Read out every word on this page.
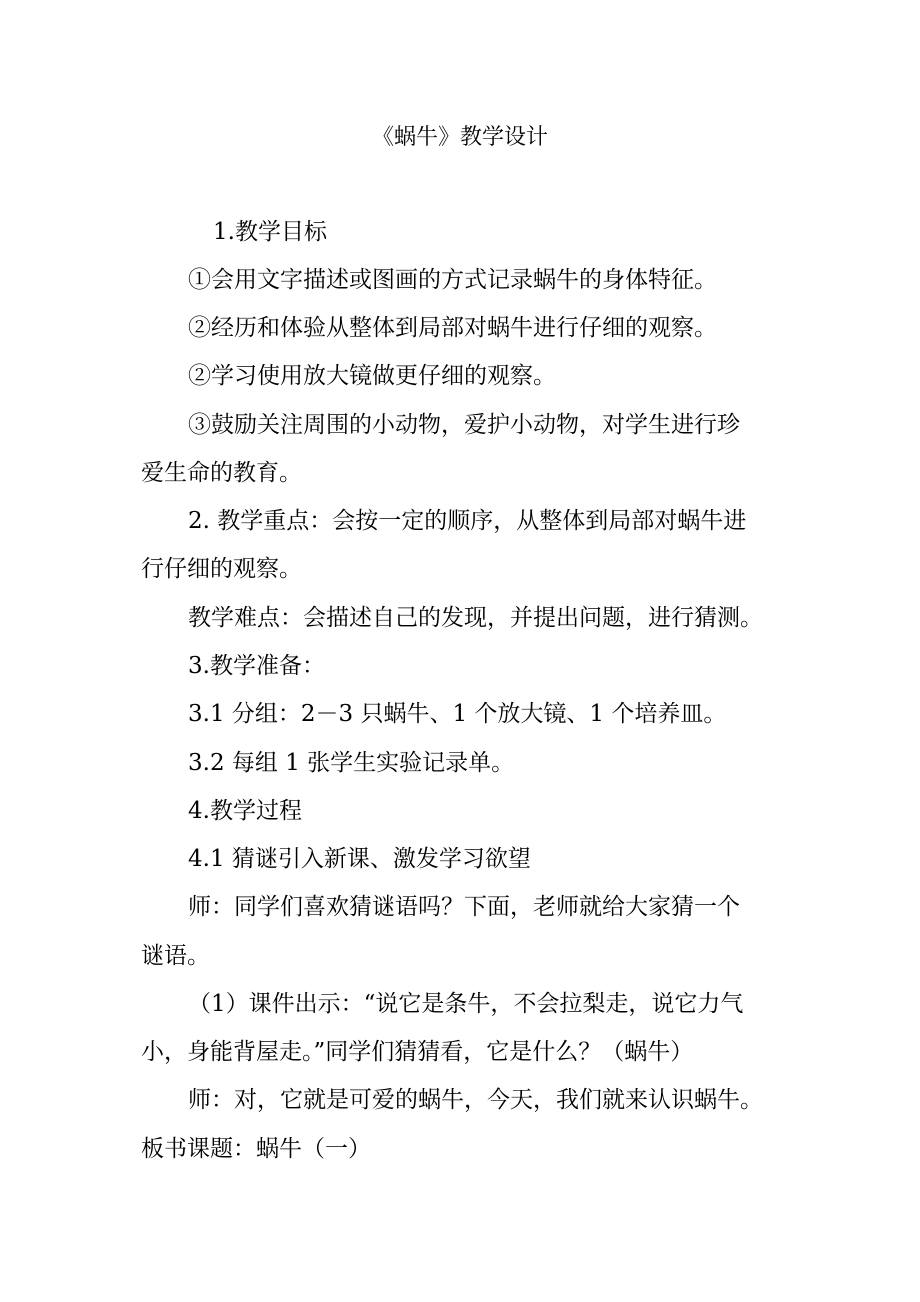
《蜗牛》教学设计
1.教学目标
①会用文字描述或图画的方式记录蜗牛的身体特征。
②经历和体验从整体到局部对蜗牛进行仔细的观察。
②学习使用放大镜做更仔细的观察。
③鼓励关注周围的小动物，爱护小动物，对学生进行珍
爱生命的教育。
2. 教学重点：会按一定的顺序，从整体到局部对蜗牛进
行仔细的观察。
教学难点：会描述自己的发现，并提出问题，进行猜测。
3.教学准备：
3.1 分组：2－3 只蜗牛、1 个放大镜、1 个培养皿。
3.2 每组 1 张学生实验记录单。
4.教学过程
4.1 猜谜引入新课、激发学习欲望
师：同学们喜欢猜谜语吗？下面，老师就给大家猜一个
谜语。
（1）课件出示：“说它是条牛，不会拉梨走，说它力气
小，身能背屋走。”同学们猜猜看，它是什么？（蜗牛）
师：对，它就是可爱的蜗牛，今天，我们就来认识蜗牛。
板书课题：蜗牛（一）
